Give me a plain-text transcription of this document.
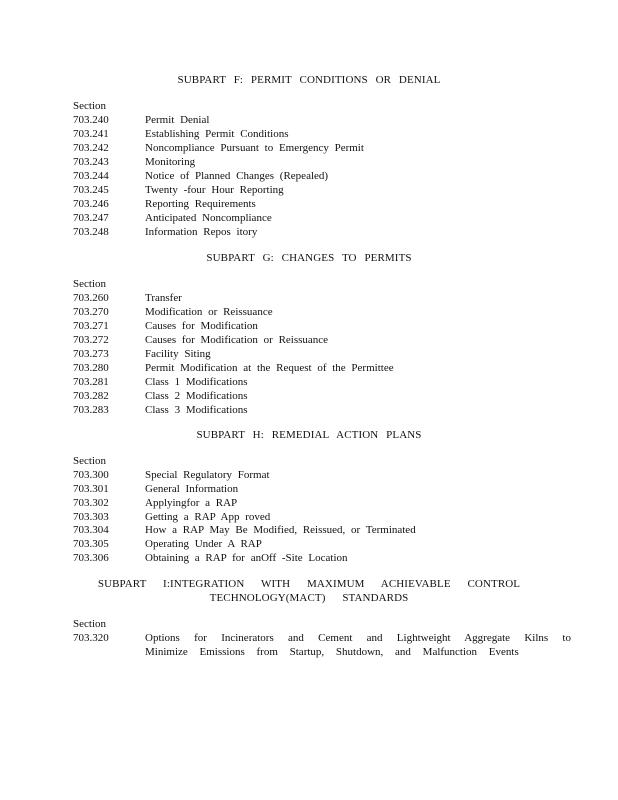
SUBPART F: PERMIT CONDITIONS OR DENIAL
Section
703.240	Permit Denial
703.241	Establishing Permit Conditions
703.242	Noncompliance Pursuant to Emergency Permit
703.243	Monitoring
703.244	Notice of Planned Changes (Repealed)
703.245	Twenty -four Hour Reporting
703.246	Reporting Requirements
703.247	Anticipated Noncompliance
703.248	Information Repos itory
SUBPART G: CHANGES TO PERMITS
Section
703.260	Transfer
703.270	Modification or Reissuance
703.271	Causes for Modification
703.272	Causes for Modification or Reissuance
703.273	Facility Siting
703.280	Permit Modification at the Request of the Permittee
703.281	Class 1 Modifications
703.282	Class 2 Modifications
703.283	Class 3 Modifications
SUBPART H: REMEDIAL ACTION PLANS
Section
703.300	Special Regulatory Format
703.301	General Information
703.302	Applyingfor a RAP
703.303	Getting a RAP App roved
703.304	How a RAP May Be Modified, Reissued, or Terminated
703.305	Operating Under A RAP
703.306	Obtaining a RAP for anOff -Site Location
SUBPART I:INTEGRATION WITH MAXIMUM ACHIEVABLE CONTROL
TECHNOLOGY(MACT) STANDARDS
Section
703.320	Options for Incinerators and Cement and Lightweight Aggregate Kilns to
Minimize Emissions from Startup, Shutdown, and Malfunction Events
